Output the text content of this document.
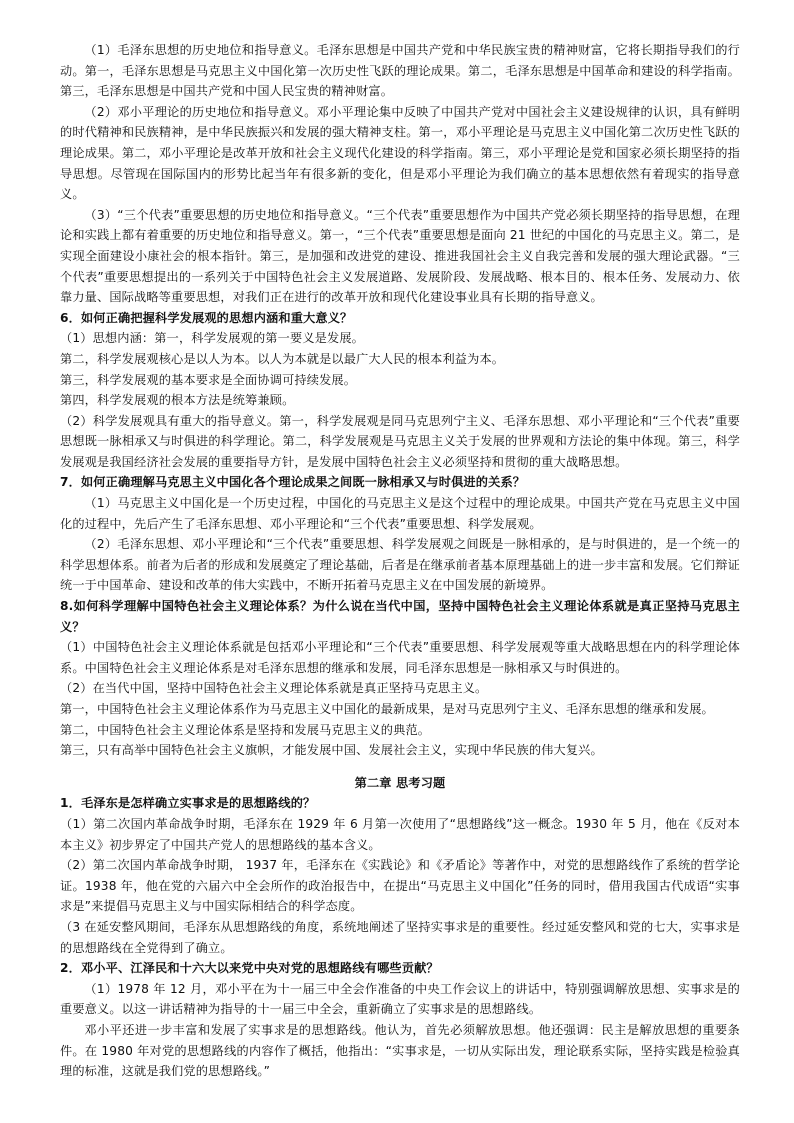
（1）毛泽东思想的历史地位和指导意义。毛泽东思想是中国共产党和中华民族宝贵的精神财富，它将长期指导我们的行动。第一，毛泽东思想是马克思主义中国化第一次历史性飞跃的理论成果。第二，毛泽东思想是中国革命和建设的科学指南。第三，毛泽东思想是中国共产党和中国人民宝贵的精神财富。

（2）邓小平理论的历史地位和指导意义。邓小平理论集中反映了中国共产党对中国社会主义建设规律的认识，具有鲜明的时代精神和民族精神，是中华民族振兴和发展的强大精神支柱。第一，邓小平理论是马克思主义中国化第二次历史性飞跃的理论成果。第二，邓小平理论是改革开放和社会主义现代化建设的科学指南。第三，邓小平理论是党和国家必须长期坚持的指导思想。尽管现在国际国内的形势比起当年有很多新的变化，但是邓小平理论为我们确立的基本思想依然有着现实的指导意义。

（3）“三个代表”重要思想的历史地位和指导意义。“三个代表”重要思想作为中国共产党必须长期坚持的指导思想，在理论和实践上都有着重要的历史地位和指导意义。第一，“三个代表”重要思想是面向 21 世纪的中国化的马克思主义。第二，是实现全面建设小康社会的根本指针。第三，是加强和改进党的建设、推进我国社会主义自我完善和发展的强大理论武器。“三个代表”重要思想提出的一系列关于中国特色社会主义发展道路、发展阶段、发展战略、根本目的、根本任务、发展动力、依靠力量、国际战略等重要思想，对我们正在进行的改革开放和现代化建设事业具有长期的指导意义。

6．如何正确把握科学发展观的思想内涵和重大意义？

（1）思想内涵：第一，科学发展观的第一要义是发展。

第二，科学发展观核心是以人为本。以人为本就是以最广大人民的根本利益为本。

第三，科学发展观的基本要求是全面协调可持续发展。

第四，科学发展观的根本方法是统筹兼顾。

（2）科学发展观具有重大的指导意义。第一，科学发展观是同马克思列宁主义、毛泽东思想、邓小平理论和“三个代表”重要思想既一脉相承又与时俱进的科学理论。第二，科学发展观是马克思主义关于发展的世界观和方法论的集中体现。第三，科学发展观是我国经济社会发展的重要指导方针，是发展中国特色社会主义必须坚持和贯彻的重大战略思想。

7．如何正确理解马克思主义中国化各个理论成果之间既一脉相承又与时俱进的关系？

（1）马克思主义中国化是一个历史过程，中国化的马克思主义是这个过程中的理论成果。中国共产党在马克思主义中国化的过程中，先后产生了毛泽东思想、邓小平理论和“三个代表”重要思想、科学发展观。

（2）毛泽东思想、邓小平理论和“三个代表”重要思想、科学发展观之间既是一脉相承的，是与时俱进的，是一个统一的科学思想体系。前者为后者的形成和发展奠定了理论基础，后者是在继承前者基本原理基础上的进一步丰富和发展。它们辩证统一于中国革命、建设和改革的伟大实践中，不断开拓着马克思主义在中国发展的新境界。

8.如何科学理解中国特色社会主义理论体系？为什么说在当代中国，坚持中国特色社会主义理论体系就是真正坚持马克思主义？

（1）中国特色社会主义理论体系就是包括邓小平理论和“三个代表”重要思想、科学发展观等重大战略思想在内的科学理论体系。中国特色社会主义理论体系是对毛泽东思想的继承和发展，同毛泽东思想是一脉相承又与时俱进的。

（2）在当代中国，坚持中国特色社会主义理论体系就是真正坚持马克思主义。

第一，中国特色社会主义理论体系作为马克思主义中国化的最新成果，是对马克思列宁主义、毛泽东思想的继承和发展。

第二，中国特色社会主义理论体系是坚持和发展马克思主义的典范。

第三，只有高举中国特色社会主义旗帜，才能发展中国、发展社会主义，实现中华民族的伟大复兴。

第二章 思考习题

1．毛泽东是怎样确立实事求是的思想路线的？

（1）第二次国内革命战争时期，毛泽东在 1929 年 6 月第一次使用了“思想路线”这一概念。1930 年 5 月，他在《反对本本主义》初步界定了中国共产党人的思想路线的基本含义。

（2）第二次国内革命战争时期， 1937 年，毛泽东在《实践论》和《矛盾论》等著作中，对党的思想路线作了系统的哲学论证。1938 年，他在党的六届六中全会所作的政治报告中，在提出“马克思主义中国化”任务的同时，借用我国古代成语“实事求是”来提倡马克思主义与中国实际相结合的科学态度。

（3 在延安整风期间，毛泽东从思想路线的角度，系统地阐述了坚持实事求是的重要性。经过延安整风和党的七大，实事求是的思想路线在全党得到了确立。

2．邓小平、江泽民和十六大以来党中央对党的思想路线有哪些贡献？

（1）1978 年 12 月，邓小平在为十一届三中全会作准备的中央工作会议上的讲话中，特别强调解放思想、实事求是的重要意义。以这一讲话精神为指导的十一届三中全会，重新确立了实事求是的思想路线。

邓小平还进一步丰富和发展了实事求是的思想路线。他认为，首先必须解放思想。他还强调：民主是解放思想的重要条件。在 1980 年对党的思想路线的内容作了概括，他指出：“实事求是，一切从实际出发，理论联系实际，坚持实践是检验真理的标准，这就是我们党的思想路线。”
